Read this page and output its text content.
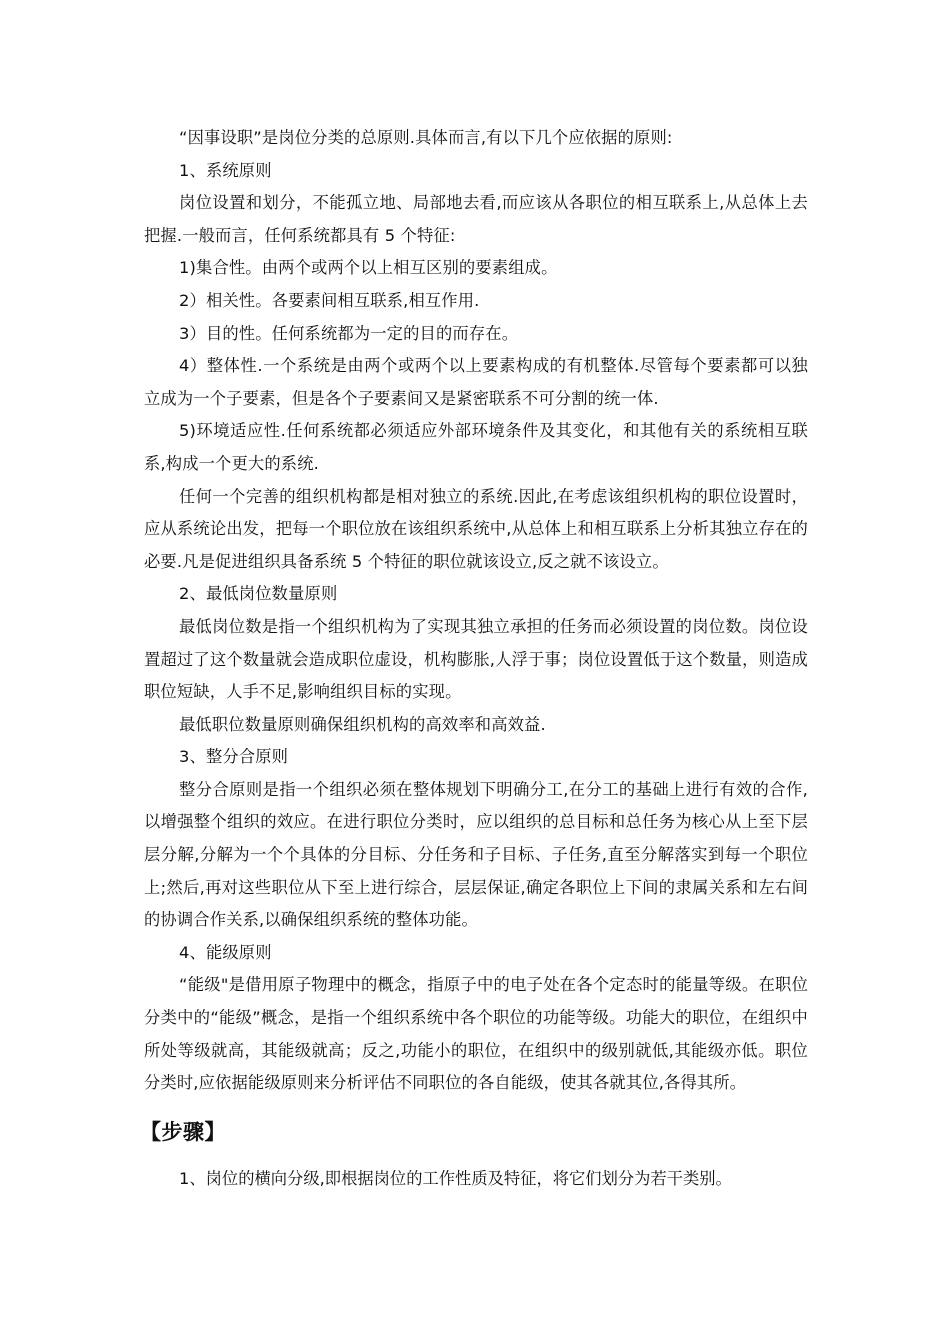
“因事设职”是岗位分类的总原则.具体而言,有以下几个应依据的原则:

1、系统原则

岗位设置和划分，不能孤立地、局部地去看,而应该从各职位的相互联系上,从总体上去把握.一般而言，任何系统都具有 5 个特征:

1)集合性。由两个或两个以上相互区别的要素组成。

2）相关性。各要素间相互联系,相互作用.

3）目的性。任何系统都为一定的目的而存在。

4）整体性.一个系统是由两个或两个以上要素构成的有机整体.尽管每个要素都可以独立成为一个子要素，但是各个子要素间又是紧密联系不可分割的统一体.

5)环境适应性.任何系统都必须适应外部环境条件及其变化，和其他有关的系统相互联系,构成一个更大的系统.

任何一个完善的组织机构都是相对独立的系统.因此,在考虑该组织机构的职位设置时，应从系统论出发，把每一个职位放在该组织系统中,从总体上和相互联系上分析其独立存在的必要.凡是促进组织具备系统 5 个特征的职位就该设立,反之就不该设立。

2、最低岗位数量原则

最低岗位数是指一个组织机构为了实现其独立承担的任务而必须设置的岗位数。岗位设置超过了这个数量就会造成职位虚设，机构膨胀,人浮于事；岗位设置低于这个数量，则造成职位短缺，人手不足,影响组织目标的实现。

最低职位数量原则确保组织机构的高效率和高效益.

3、整分合原则

整分合原则是指一个组织必须在整体规划下明确分工,在分工的基础上进行有效的合作,以增强整个组织的效应。在进行职位分类时，应以组织的总目标和总任务为核心从上至下层层分解,分解为一个个具体的分目标、分任务和子目标、子任务,直至分解落实到每一个职位上;然后,再对这些职位从下至上进行综合，层层保证,确定各职位上下间的隶属关系和左右间的协调合作关系,以确保组织系统的整体功能。

4、能级原则

“能级"是借用原子物理中的概念，指原子中的电子处在各个定态时的能量等级。在职位分类中的“能级”概念，是指一个组织系统中各个职位的功能等级。功能大的职位，在组织中所处等级就高，其能级就高；反之,功能小的职位，在组织中的级别就低,其能级亦低。职位分类时,应依据能级原则来分析评估不同职位的各自能级，使其各就其位,各得其所。

【步骤】

1、岗位的横向分级,即根据岗位的工作性质及特征，将它们划分为若干类别。
